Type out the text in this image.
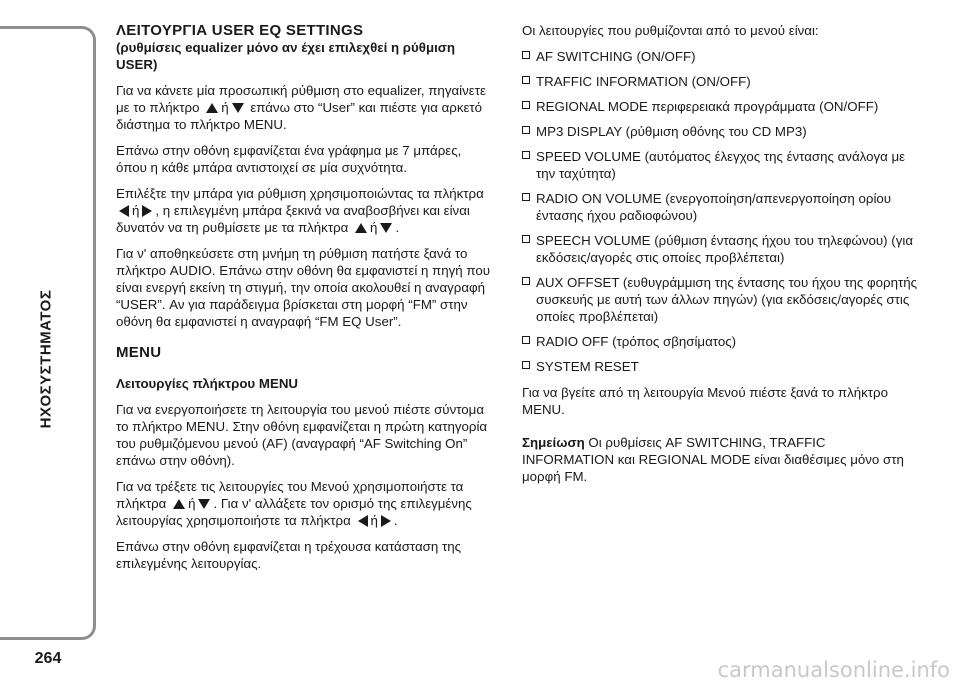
ΗΧΟΣΥΣΤΗΜΑΤΟΣ
264
ΛΕΙΤΟΥΡΓΙΑ USER EQ SETTINGS
(ρυθμίσεις equalizer μόνο αν έχει επιλεχθεί η ρύθμιση USER)

Για να κάνετε μία προσωπική ρύθμιση στο equalizer, πηγαίνετε με το πλήκτρο ή επάνω στο “User” και πιέστε για αρκετό διάστημα το πλήκτρο MENU.

Επάνω στην οθόνη εμφανίζεται ένα γράφημα με 7 μπάρες, όπου η κάθε μπάρα αντιστοιχεί σε μία συχνότητα.

Επιλέξτε την μπάρα για ρύθμιση χρησιμοποιώντας τα πλήκτρα
ή , η επιλεγμένη μπάρα ξεκινά να αναβοσβήνει και είναι δυνατόν να τη ρυθμίσετε με τα πλήκτρα ή .

Για ν' αποθηκεύσετε στη μνήμη τη ρύθμιση πατήστε ξανά το πλήκτρο AUDIO. Επάνω στην οθόνη θα εμφανιστεί η πηγή που είναι ενεργή εκείνη τη στιγμή, την οποία ακολουθεί η αναγραφή “USER”. Αν για παράδειγμα βρίσκεται στη μορφή “FM” στην οθόνη θα εμφανιστεί η αναγραφή “FM EQ User”.

MENU
Λειτουργίες πλήκτρου MENU

Για να ενεργοποιήσετε τη λειτουργία του μενού πιέστε σύντομα το πλήκτρο MENU. Στην οθόνη εμφανίζεται η πρώτη κατηγορία του ρυθμιζόμενου μενού (AF) (αναγραφή “AF Switching On” επάνω στην οθόνη).

Για να τρέξετε τις λειτουργίες του Μενού χρησιμοποιήστε τα πλήκτρα ή . Για ν' αλλάξετε τον ορισμό της επιλεγμένης λειτουργίας χρησιμοποιήστε τα πλήκτρα ή .

Επάνω στην οθόνη εμφανίζεται η τρέχουσα κατάσταση της επιλεγμένης λειτουργίας.

Οι λειτουργίες που ρυθμίζονται από το μενού είναι:

AF SWITCHING (ON/OFF)
TRAFFIC INFORMATION (ON/OFF)
REGIONAL MODE περιφερειακά προγράμματα (ON/OFF)
MP3 DISPLAY (ρύθμιση οθόνης του CD MP3)
SPEED VOLUME (αυτόματος έλεγχος της έντασης ανάλογα με την ταχύτητα)
RADIO ON VOLUME (ενεργοποίηση/απενεργοποίηση ορίου έντασης ήχου ραδιοφώνου)
SPEECH VOLUME (ρύθμιση έντασης ήχου του τηλεφώνου) (για εκδόσεις/αγορές στις οποίες προβλέπεται)
AUX OFFSET (ευθυγράμμιση της έντασης του ήχου της φορητής συσκευής με αυτή των άλλων πηγών) (για εκδόσεις/αγορές στις οποίες προβλέπεται)
RADIO OFF (τρόπος σβησίματος)
SYSTEM RESET

Για να βγείτε από τη λειτουργία Μενού πιέστε ξανά το πλήκτρο MENU.

Σημείωση Οι ρυθμίσεις AF SWITCHING, TRAFFIC INFORMATION και REGIONAL MODE είναι διαθέσιμες μόνο στη μορφή FM.

carmanualsonline.info
